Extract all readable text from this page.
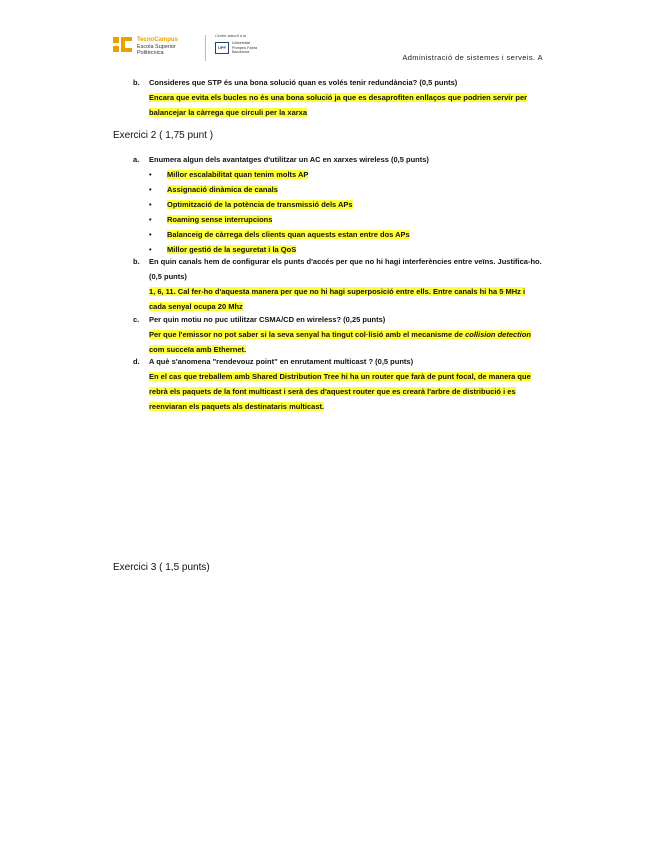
TecnoCampus
Escola Superior
Politècnica
Centre adscrit a la
UPF
Universitat
Pompeu Fabra
Barcelona
Administració de sistemes i serveis. A
b. Consideres que STP és una bona solució quan es volés tenir redundància? (0,5 punts)
Encara que evita els bucles no és una bona solució ja que es desaprofiten enllaços que podrien servir per balancejar la càrrega que circuli per la xarxa
Exercici 2 ( 1,75 punt )
a. Enumera algun dels avantatges d'utilitzar un AC en xarxes wireless (0,5 punts)
• Millor escalabilitat quan tenim molts AP
• Assignació dinàmica de canals
• Optimització de la potència de transmissió dels APs
• Roaming sense interrupcions
• Balanceig de càrrega dels clients quan aquests estan entre dos APs
• Millor gestió de la seguretat i la QoS
b. En quin canals hem de configurar els punts d'accés per que no hi hagi interferències entre veïns. Justifica-ho. (0,5 punts)
1, 6, 11. Cal fer-ho d'aquesta manera per que no hi hagi superposició entre ells. Entre canals hi ha 5 MHz i cada senyal ocupa 20 Mhz
c. Per quin motiu no puc utilitzar CSMA/CD en wireless? (0,25 punts)
Per que l'emissor no pot saber si la seva senyal ha tingut col·lisió amb el mecanisme de collision detection com succeïa amb Ethernet.
d. A què s'anomena "rendevouz point" en enrutament multicast ? (0,5 punts)
En el cas que treballem amb Shared Distribution Tree hi ha un router que farà de punt focal, de manera que rebrà els paquets de la font multicast i serà des d'aquest router que es crearà l'arbre de distribució i es reenviaran els paquets als destinataris multicast.
Exercici 3 ( 1,5 punts)
